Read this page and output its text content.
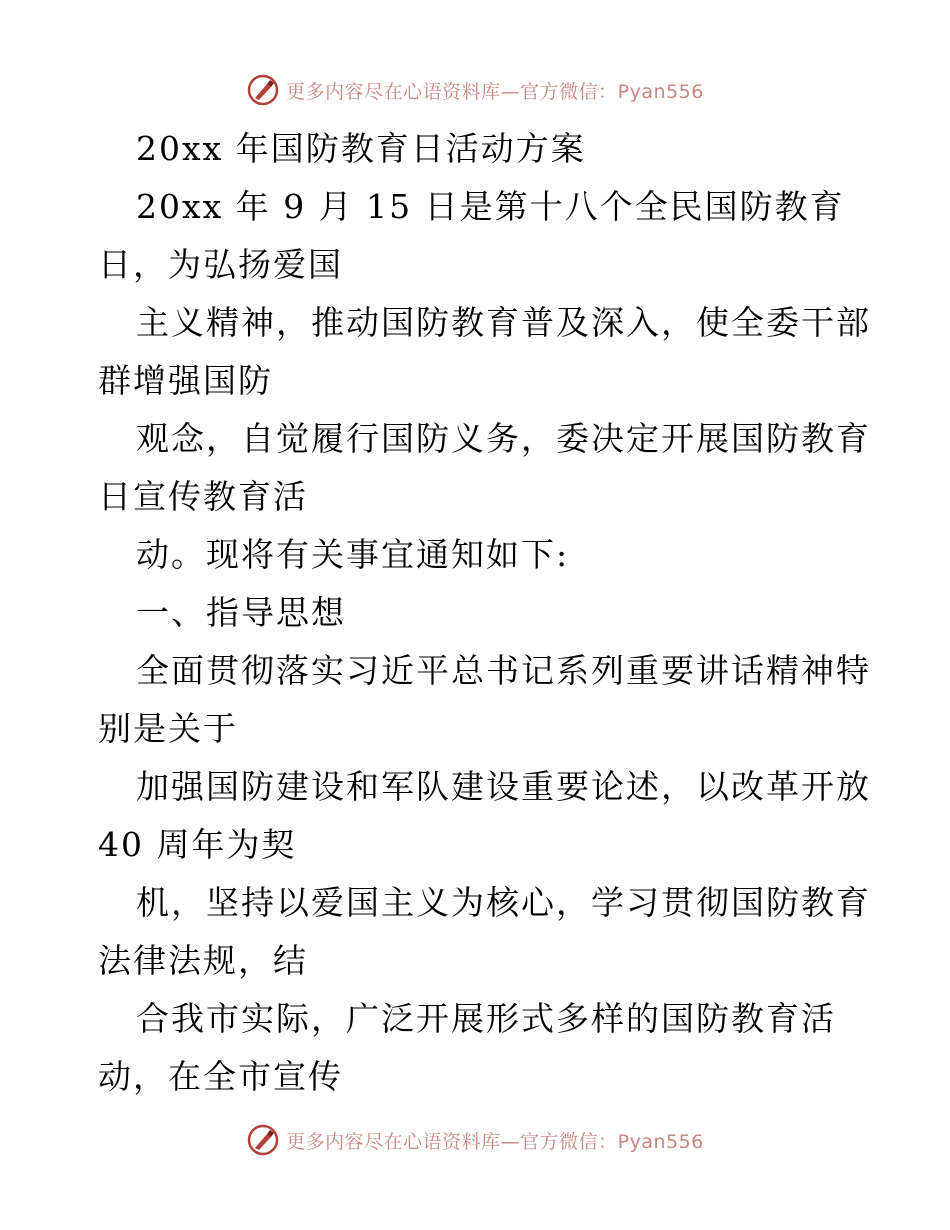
更多内容尽在心语资料库—官方微信：Pyan556
20xx 年国防教育日活动方案
20xx 年 9 月 15 日是第十八个全民国防教育
日，为弘扬爱国
主义精神，推动国防教育普及深入，使全委干部
群增强国防
观念，自觉履行国防义务，委决定开展国防教育
日宣传教育活
动。现将有关事宜通知如下:
一、指导思想
全面贯彻落实习近平总书记系列重要讲话精神特
别是关于
加强国防建设和军队建设重要论述，以改革开放
40 周年为契
机，坚持以爱国主义为核心，学习贯彻国防教育
法律法规，结
合我市实际，广泛开展形式多样的国防教育活
动，在全市宣传
更多内容尽在心语资料库—官方微信：Pyan556
